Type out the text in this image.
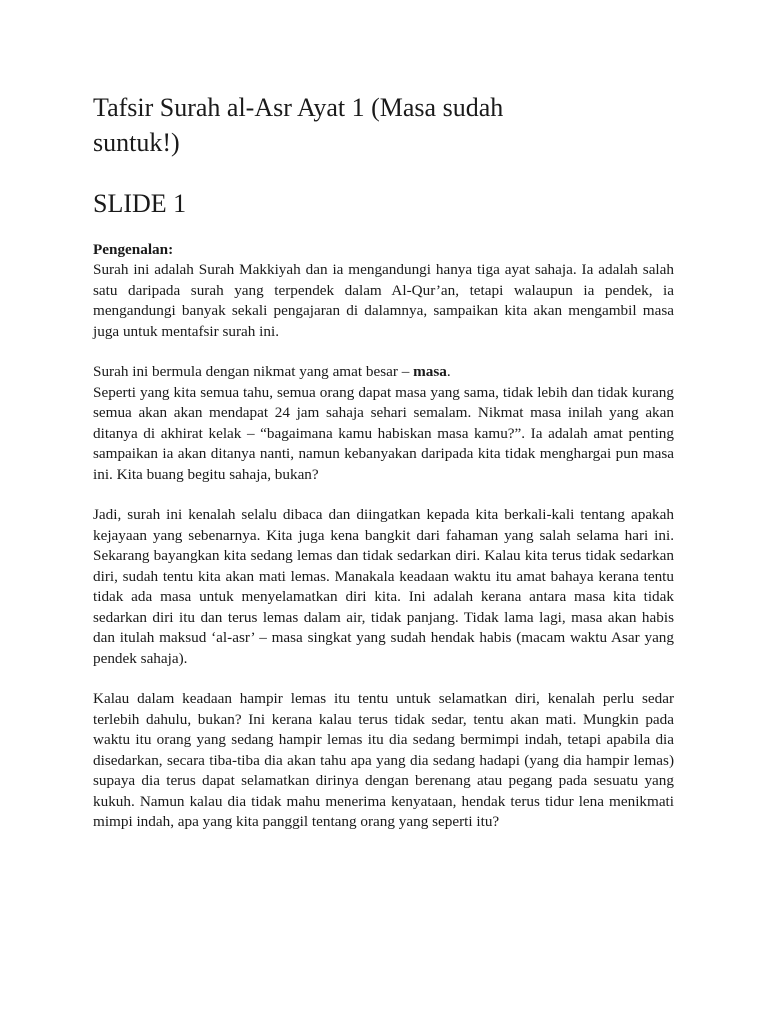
Tafsir Surah al-Asr Ayat 1 (Masa sudah suntuk!)
SLIDE 1
Pengenalan:

Surah ini adalah Surah Makkiyah dan ia mengandungi hanya tiga ayat sahaja. Ia adalah salah satu daripada surah yang terpendek dalam Al-Qur’an, tetapi walaupun ia pendek, ia mengandungi banyak sekali pengajaran di dalamnya, sampaikan kita akan mengambil masa juga untuk mentafsir surah ini.

Surah ini bermula dengan nikmat yang amat besar – masa.

Seperti yang kita semua tahu, semua orang dapat masa yang sama, tidak lebih dan tidak kurang semua akan akan mendapat 24 jam sahaja sehari semalam. Nikmat masa inilah yang akan ditanya di akhirat kelak – “bagaimana kamu habiskan masa kamu?”. Ia adalah amat penting sampaikan ia akan ditanya nanti, namun kebanyakan daripada kita tidak menghargai pun masa ini. Kita buang begitu sahaja, bukan?

Jadi, surah ini kenalah selalu dibaca dan diingatkan kepada kita berkali-kali tentang apakah kejayaan yang sebenarnya. Kita juga kena bangkit dari fahaman yang salah selama hari ini. Sekarang bayangkan kita sedang lemas dan tidak sedarkan diri. Kalau kita terus tidak sedarkan diri, sudah tentu kita akan mati lemas. Manakala keadaan waktu itu amat bahaya kerana tentu tidak ada masa untuk menyelamatkan diri kita. Ini adalah kerana antara masa kita tidak sedarkan diri itu dan terus lemas dalam air, tidak panjang. Tidak lama lagi, masa akan habis dan itulah maksud ‘al-asr’ – masa singkat yang sudah hendak habis (macam waktu Asar yang pendek sahaja).

Kalau dalam keadaan hampir lemas itu tentu untuk selamatkan diri, kenalah perlu sedar terlebih dahulu, bukan? Ini kerana kalau terus tidak sedar, tentu akan mati. Mungkin pada waktu itu orang yang sedang hampir lemas itu dia sedang bermimpi indah, tetapi apabila dia disedarkan, secara tiba-tiba dia akan tahu apa yang dia sedang hadapi (yang dia hampir lemas) supaya dia terus dapat selamatkan dirinya dengan berenang atau pegang pada sesuatu yang kukuh. Namun kalau dia tidak mahu menerima kenyataan, hendak terus tidur lena menikmati mimpi indah, apa yang kita panggil tentang orang yang seperti itu?
